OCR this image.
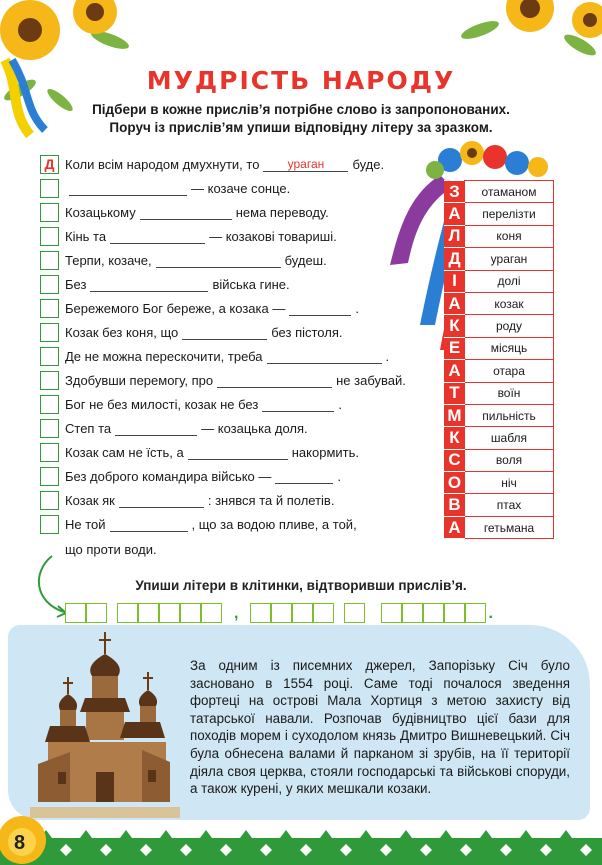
МУДРІСТЬ НАРОДУ
Підбери в кожне прислів’я потрібне слово із запропонованих.
Поруч із прислів’ям упиши відповідну літеру за зразком.
Д Коли всім народом дмухнути, то	ураган	буде.
— козаче сонце.
Козацькому	нема переводу.
Кінь та	— козакові товариші.
Терпи, козаче,	будеш.
Без	війська гине.
Бережемого Бог береже, а козака —	.
Козак без коня, що	без пістоля.
Де не можна перескочити, треба	.
Здобувши перемогу, про	не забувай.
Бог не без милості, козак не без	.
Степ та	— козацька доля.
Козак сам не їсть, а	накормить.
Без доброго командира військо —	.
Козак як	: знявся та й полетів.
Не той	, що за водою пливе, а той,
що проти води.
З	отаманом
А	перелізти
Л	коня
Д	ураган
І	долі
А	козак
К	роду
Е	місяць
А	отара
Т	воїн
М	пильність
К	шабля
С	воля
О	ніч
В	птах
А	гетьмана
Упиши літери в клітинки, відтворивши прислів’я.
,	.
За одним із писемних джерел, Запорізьку Січ було засновано в 1554 році. Саме тоді почалося зведення фортеці на острові Мала Хортиця з метою захисту від татарської навали. Розпочав будівництво цієї бази для походів морем і суходолом князь Дмитро Вишневецький. Січ була обнесена валами й парканом зі зрубів, на її території діяла своя церква, стояли господарські та військові споруди, а також курені, у яких мешкали козаки.
8
